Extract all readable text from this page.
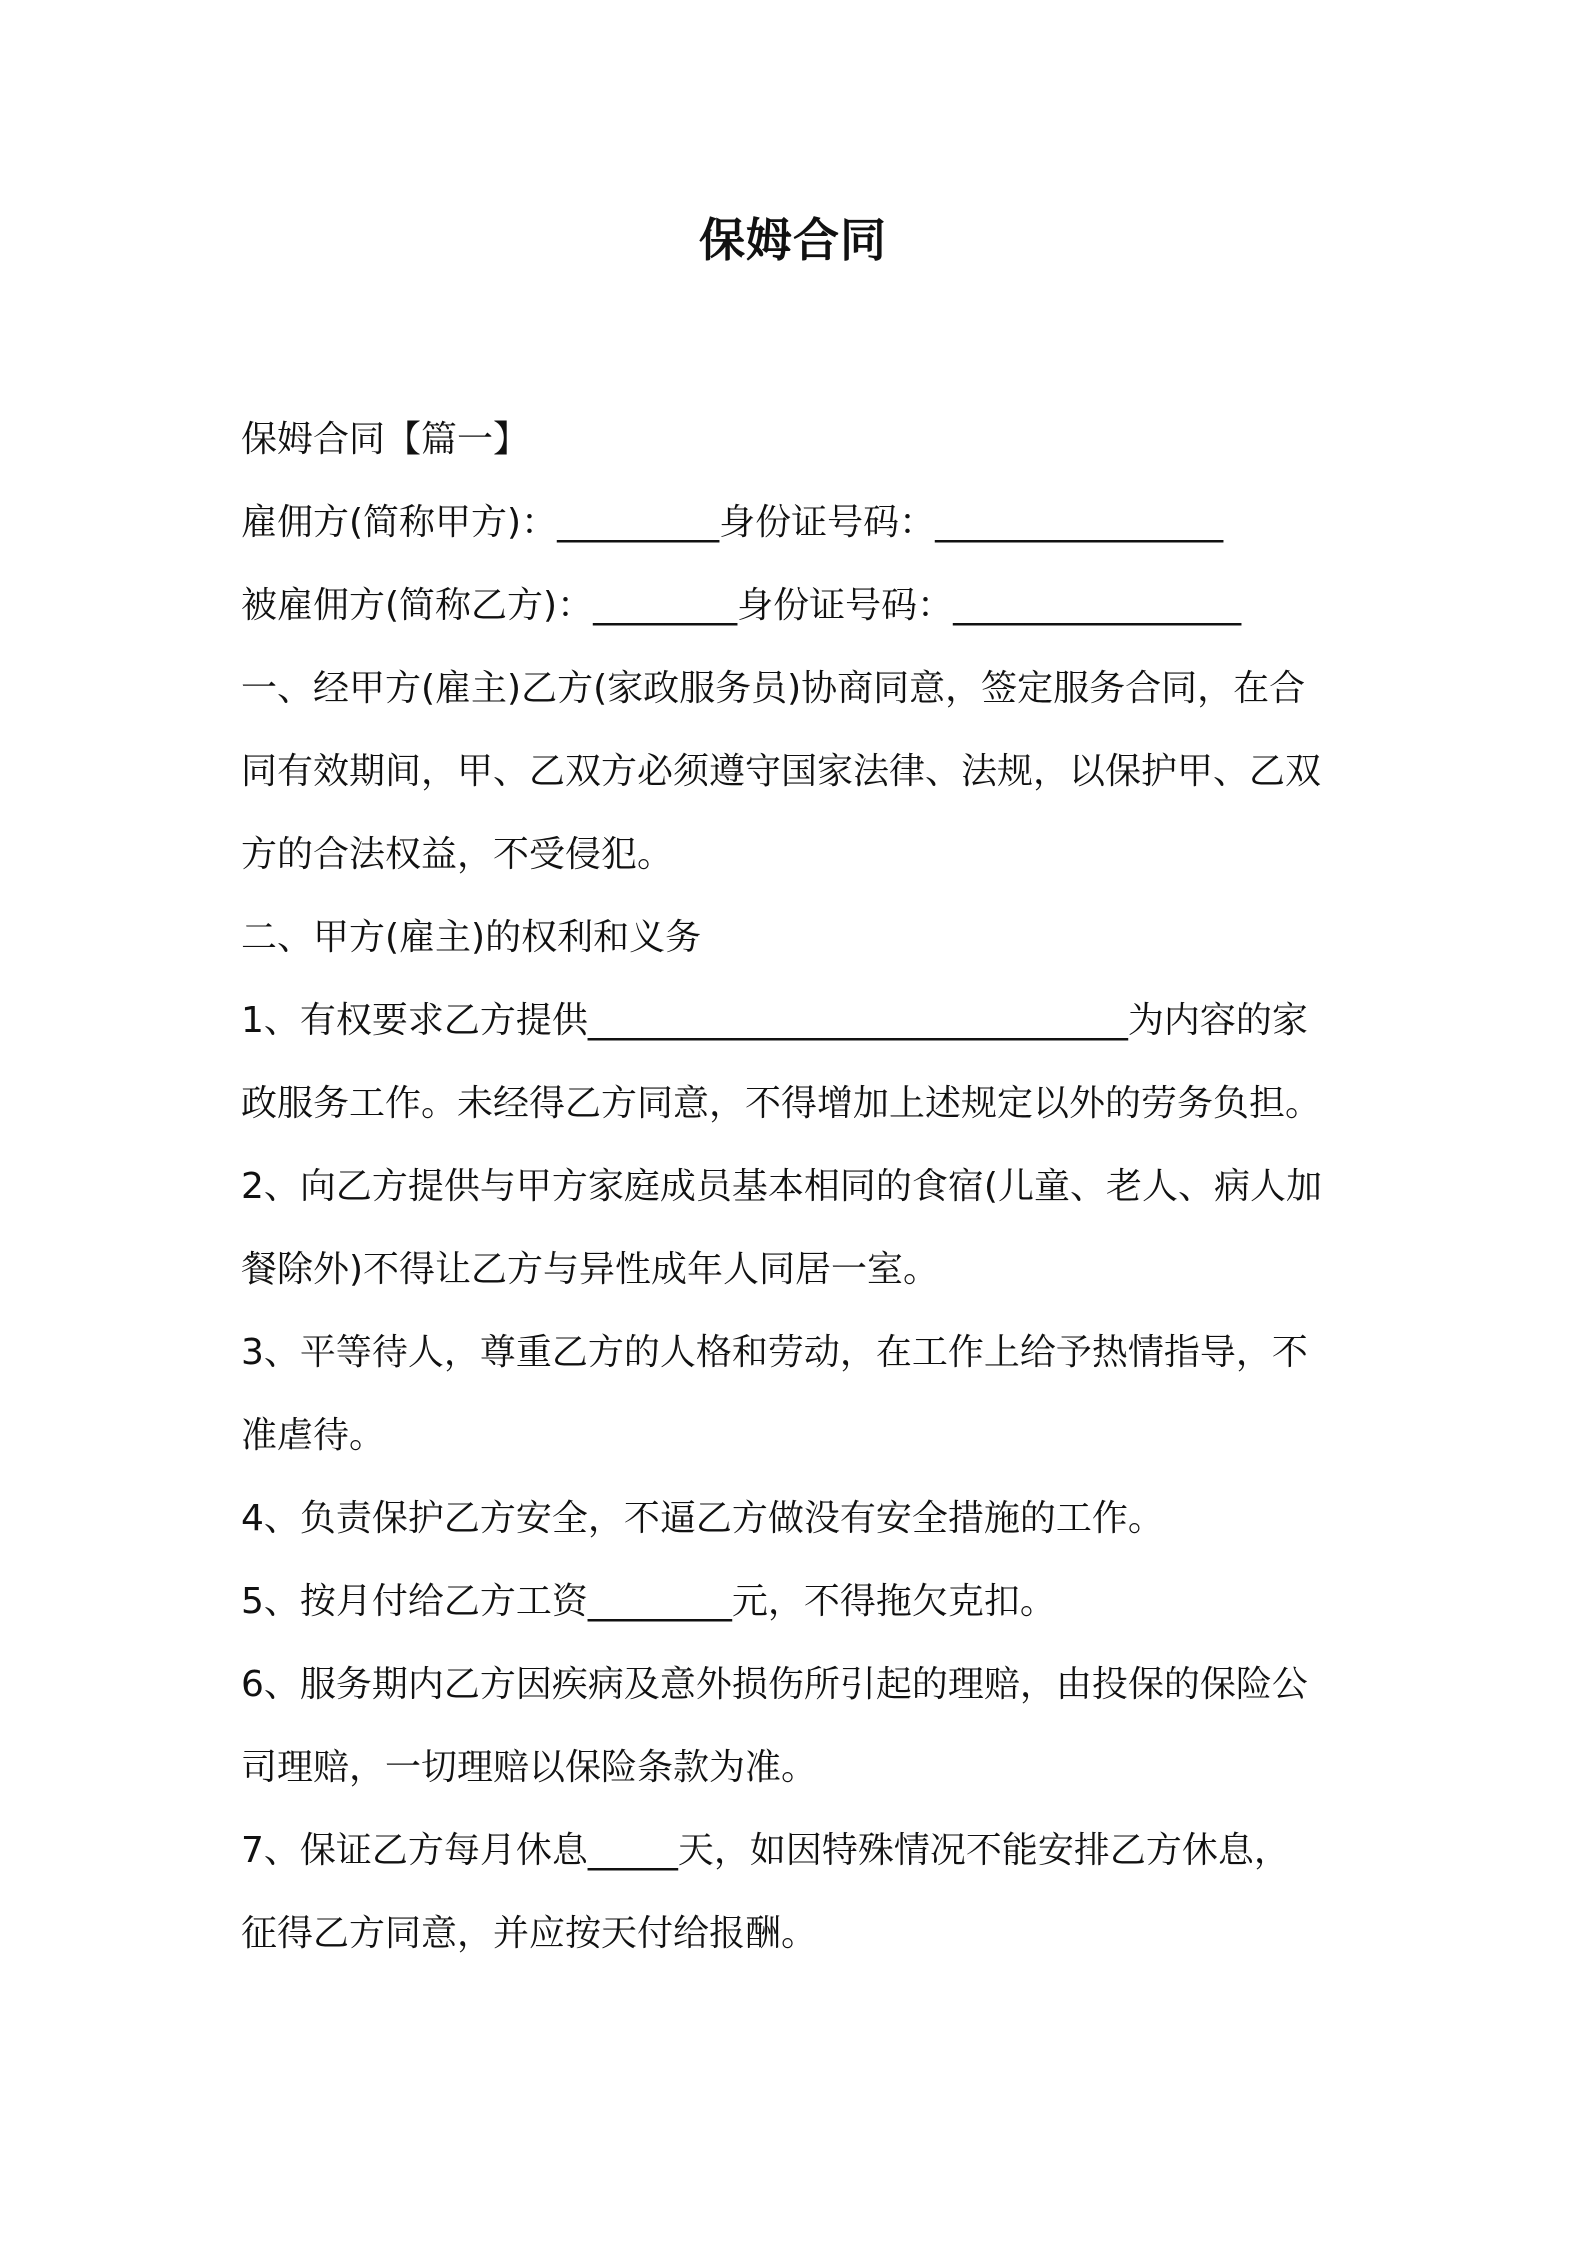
保姆合同
保姆合同【篇一】
雇佣方(简称甲方)：_________身份证号码：________________
被雇佣方(简称乙方)：________身份证号码：________________
一、经甲方(雇主)乙方(家政服务员)协商同意，签定服务合同，在合
同有效期间，甲、乙双方必须遵守国家法律、法规，以保护甲、乙双
方的合法权益，不受侵犯。
二、甲方(雇主)的权利和义务
1、有权要求乙方提供______________________________为内容的家
政服务工作。未经得乙方同意，不得增加上述规定以外的劳务负担。
2、向乙方提供与甲方家庭成员基本相同的食宿(儿童、老人、病人加
餐除外)不得让乙方与异性成年人同居一室。
3、平等待人，尊重乙方的人格和劳动，在工作上给予热情指导，不
准虐待。
4、负责保护乙方安全，不逼乙方做没有安全措施的工作。
5、按月付给乙方工资________元，不得拖欠克扣。
6、服务期内乙方因疾病及意外损伤所引起的理赔，由投保的保险公
司理赔，一切理赔以保险条款为准。
7、保证乙方每月休息_____天，如因特殊情况不能安排乙方休息，
征得乙方同意，并应按天付给报酬。
